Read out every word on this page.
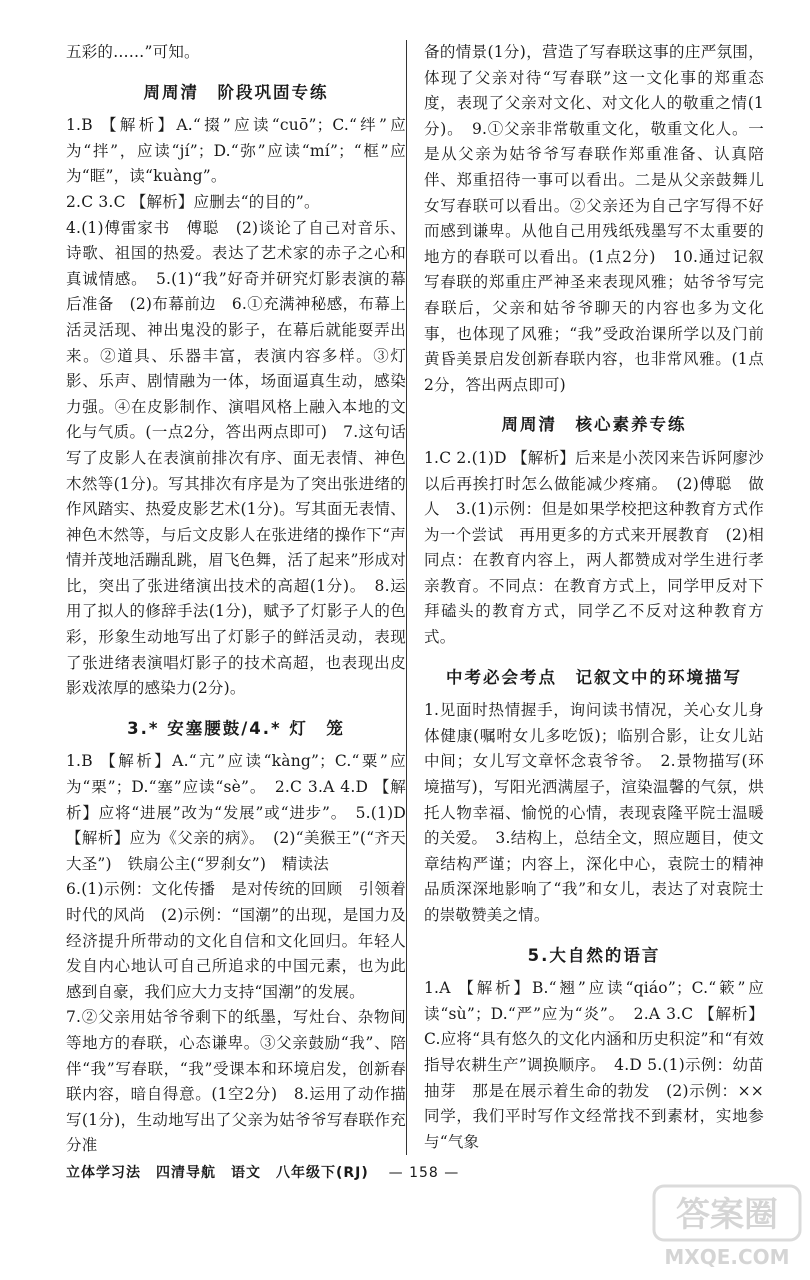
五彩的……”可知。

周周清　阶段巩固专练

1.B 【解析】A.“掇”应读“cuō”；C.“绊”应为“拌”，应读“jí”；D.“弥”应读“mí”；“框”应为“眶”，读“kuàng”。

2.C 3.C 【解析】应删去“的目的”。

4.(1)傅雷家书　傅聪　(2)谈论了自己对音乐、诗歌、祖国的热爱。表达了艺术家的赤子之心和真诚情感。　5.(1)“我”好奇并研究灯影表演的幕后准备　(2)布幕前边　6.①充满神秘感，布幕上活灵活现、神出鬼没的影子，在幕后就能耍弄出来。②道具、乐器丰富，表演内容多样。③灯影、乐声、剧情融为一体，场面逼真生动，感染力强。④在皮影制作、演唱风格上融入本地的文化与气质。(一点2分，答出两点即可)　7.这句话写了皮影人在表演前排次有序、面无表情、神色木然等(1分)。写其排次有序是为了突出张进绪的作风踏实、热爱皮影艺术(1分)。写其面无表情、神色木然等，与后文皮影人在张进绪的操作下“声情并茂地活蹦乱跳，眉飞色舞，活了起来”形成对比，突出了张进绪演出技术的高超(1分)。　8.运用了拟人的修辞手法(1分)，赋予了灯影子人的色彩，形象生动地写出了灯影子的鲜活灵动，表现了张进绪表演唱灯影子的技术高超，也表现出皮影戏浓厚的感染力(2分)。

3.* 安塞腰鼓/4.* 灯　笼

1.B 【解析】A.“亢”应读“kàng”；C.“粟”应为“栗”；D.“塞”应读“sè”。　2.C 3.A 4.D 【解析】应将“进展”改为“发展”或“进步”。　5.(1)D 【解析】应为《父亲的病》。　(2)“美猴王”(“齐天大圣”)　铁扇公主(“罗刹女”)　精读法

6.(1)示例：文化传播　是对传统的回顾　引领着时代的风尚　(2)示例：“国潮”的出现，是国力及经济提升所带动的文化自信和文化回归。年轻人发自内心地认可自己所追求的中国元素，也为此感到自豪，我们应大力支持“国潮”的发展。

7.②父亲用姑爷爷剩下的纸墨，写灶台、杂物间等地方的春联，心态谦卑。③父亲鼓励“我”、陪伴“我”写春联，“我”受课本和环境启发，创新春联内容，暗自得意。(1空2分)　8.运用了动作描写(1分)，生动地写出了父亲为姑爷爷写春联作充分准

备的情景(1分)，营造了写春联这事的庄严氛围，体现了父亲对待“写春联”这一文化事的郑重态度，表现了父亲对文化、对文化人的敬重之情(1分)。　9.①父亲非常敬重文化，敬重文化人。一是从父亲为姑爷爷写春联作郑重准备、认真陪伴、郑重招待一事可以看出。二是从父亲鼓舞儿女写春联可以看出。②父亲还为自己字写得不好而感到谦卑。从他自己用残纸残墨写不太重要的地方的春联可以看出。(1点2分)　10.通过记叙写春联的郑重庄严神圣来表现风雅；姑爷爷写完春联后，父亲和姑爷爷聊天的内容也多为文化事，也体现了风雅；“我”受政治课所学以及门前黄昏美景启发创新春联内容，也非常风雅。(1点2分，答出两点即可)

周周清　核心素养专练

1.C 2.(1)D 【解析】后来是小茨冈来告诉阿廖沙以后再挨打时怎么做能减少疼痛。　(2)傅聪　做人　3.(1)示例：但是如果学校把这种教育方式作为一个尝试　再用更多的方式来开展教育　(2)相同点：在教育内容上，两人都赞成对学生进行孝亲教育。不同点：在教育方式上，同学甲反对下拜磕头的教育方式，同学乙不反对这种教育方式。

中考必会考点　记叙文中的环境描写

1.见面时热情握手，询问读书情况，关心女儿身体健康(嘱咐女儿多吃饭)；临别合影，让女儿站中间；女儿写文章怀念袁爷爷。　2.景物描写(环境描写)，写阳光洒满屋子，渲染温馨的气氛，烘托人物幸福、愉悦的心情，表现袁隆平院士温暖的关爱。　3.结构上，总结全文，照应题目，使文章结构严谨；内容上，深化中心，袁院士的精神品质深深地影响了“我”和女儿，表达了对袁院士的崇敬赞美之情。

5.大自然的语言

1.A 【解析】B.“翘”应读“qiáo”；C.“簌”应读“sù”；D.“严”应为“炎”。　2.A 3.C 【解析】C.应将“具有悠久的文化内涵和历史积淀”和“有效指导农耕生产”调换顺序。　4.D 5.(1)示例：幼苗抽芽　那是在展示着生命的勃发　(2)示例：××同学，我们平时写作文经常找不到素材，实地参与“气象

立体学习法　四清导航　语文　八年级下(RJ) — 158 —
答案圈
MXQE.COM
